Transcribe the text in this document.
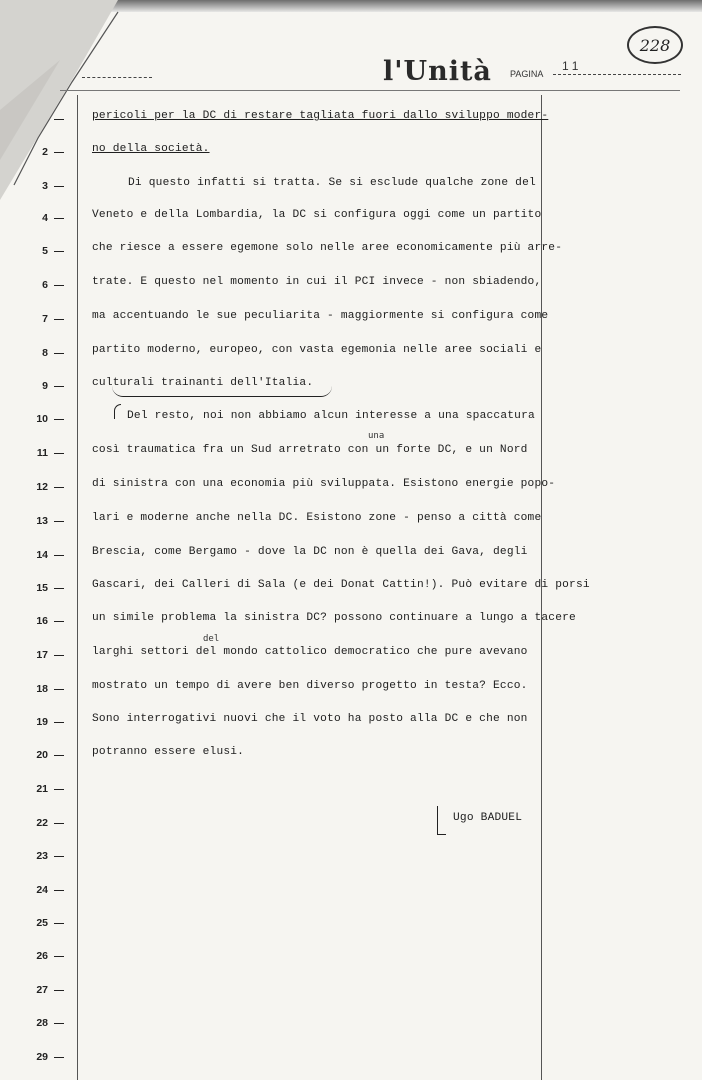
228
l'Unità PAGINA
11
2
3
4
5
6
7
8
9
10
11
12
13
14
15
16
17
18
19
20
21
22
23
24
25
26
27
28
29
pericoli per la DC di restare tagliata fuori dallo sviluppo moder-
no della società.
Di questo infatti si tratta. Se si esclude qualche zone del
Veneto e della Lombardia, la DC si configura oggi come un partito
che riesce a essere egemone solo nelle aree economicamente più arre-
trate. E questo nel momento in cui il PCI invece - non sbiadendo,
ma accentuando le sue peculiarita - maggiormente si configura come
partito moderno, europeo, con vasta egemonia nelle aree sociali e
culturali trainanti dell'Italia.
Del resto, noi non abbiamo alcun interesse a una spaccatura
così traumatica fra un Sud arretrato con un forte DC, e un Nord
di sinistra con una economia più sviluppata. Esistono energie popo-
lari e moderne anche nella DC. Esistono zone - penso a città come
Brescia, come Bergamo - dove la DC non è quella dei Gava, degli
Gascari, dei Calleri di Sala (e dei Donat Cattin!). Può evitare di porsi
un simile problema la sinistra DC? possono continuare a lungo a tacere
larghi settori del mondo cattolico democratico che pure avevano
mostrato un tempo di avere ben diverso progetto in testa? Ecco.
Sono interrogativi nuovi che il voto ha posto alla DC e che non
potranno essere elusi.
una
del
Ugo BADUEL
